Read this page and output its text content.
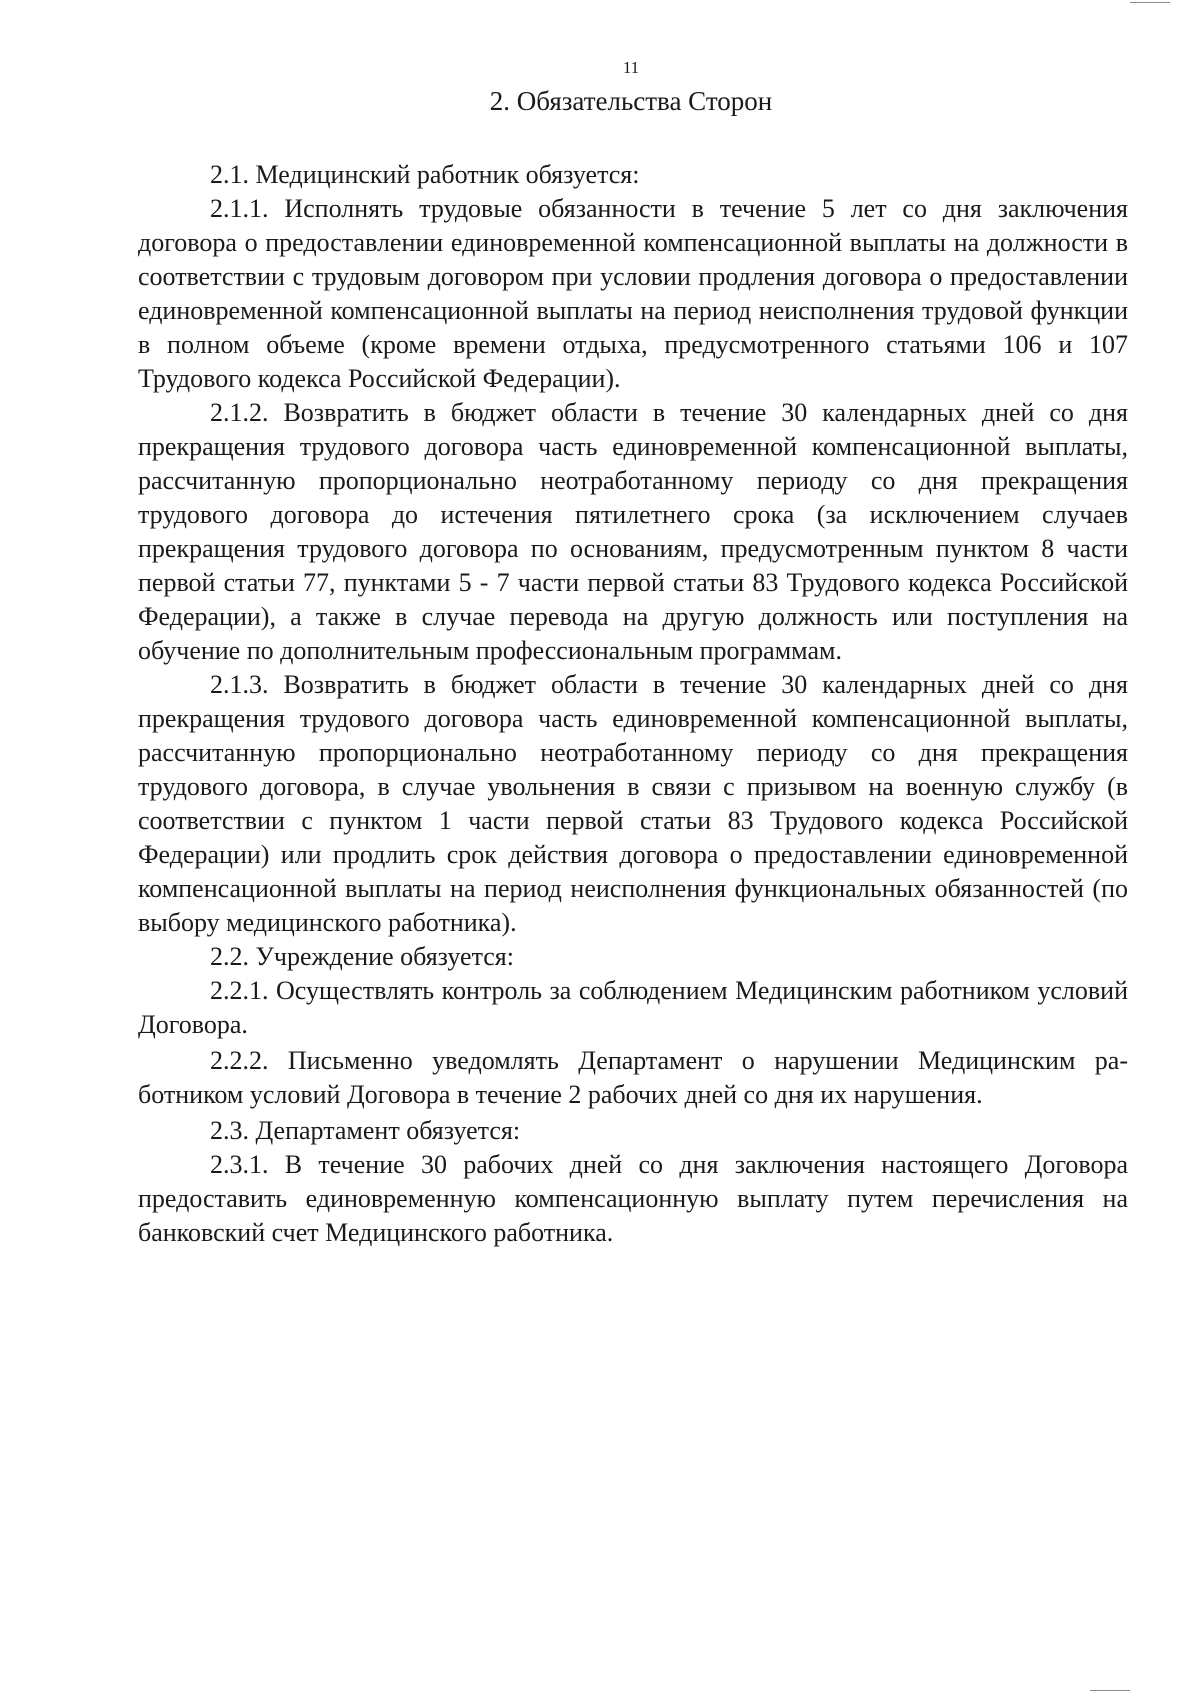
11
2. Обязательства Сторон

2.1. Медицинский работник обязуется:

2.1.1. Исполнять трудовые обязанности в течение 5 лет со дня заключения договора о предоставлении единовременной компенсационной выплаты на должности в соответствии с трудовым договором при условии продления договора о предоставлении единовременной компенсационной выплаты на период неисполнения трудовой функции в полном объеме (кроме времени отдыха, предусмотренного статьями 106 и 107 Трудового кодекса Российской Федерации).

2.1.2. Возвратить в бюджет области в течение 30 календарных дней со дня прекращения трудового договора часть единовременной компенсационной выплаты, рассчитанную пропорционально неотработанному периоду со дня прекращения трудового договора до истечения пятилетнего срока (за исключением случаев прекращения трудового договора по основаниям, предусмотренным пунктом 8 части первой статьи 77, пунктами 5 - 7 части первой статьи 83 Трудового кодекса Российской Федерации), а также в случае перевода на другую должность или поступления на обучение по дополнительным профессиональным программам.

2.1.3. Возвратить в бюджет области в течение 30 календарных дней со дня прекращения трудового договора часть единовременной компенсационной выплаты, рассчитанную пропорционально неотработанному периоду со дня прекращения трудового договора, в случае увольнения в связи с призывом на военную службу (в соответствии с пунктом 1 части первой статьи 83 Трудового кодекса Российской Федерации) или продлить срок действия договора о предоставлении единовременной компенсационной выплаты на период неисполнения функциональных обязанностей (по выбору медицинского работника).

2.2. Учреждение обязуется:

2.2.1. Осуществлять контроль за соблюдением Медицинским работником условий Договора.

2.2.2. Письменно уведомлять Департамент о нарушении Медицинским работником условий Договора в течение 2 рабочих дней со дня их нарушения.

2.3. Департамент обязуется:

2.3.1. В течение 30 рабочих дней со дня заключения настоящего Договора предоставить единовременную компенсационную выплату путем перечисления на банковский счет Медицинского работника.
